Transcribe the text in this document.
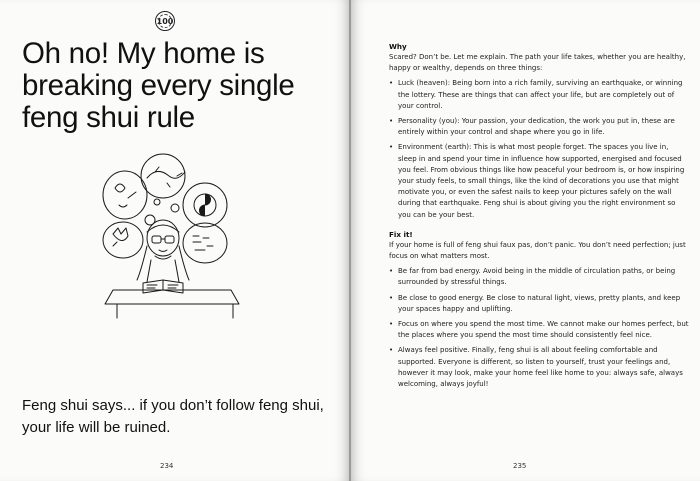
100
Oh no! My home is breaking every single feng shui rule

Feng shui says... if you don’t follow feng shui, your life will be ruined.

234
Why

Scared? Don’t be. Let me explain. The path your life takes, whether you are healthy, happy or wealthy, depends on three things:

• Luck (heaven): Being born into a rich family, surviving an earthquake, or winning the lottery. These are things that can affect your life, but are completely out of your control.
• Personality (you): Your passion, your dedication, the work you put in, these are entirely within your control and shape where you go in life.
• Environment (earth): This is what most people forget. The spaces you live in, sleep in and spend your time in influence how supported, energised and focused you feel. From obvious things like how peaceful your bedroom is, or how inspiring your study feels, to small things, like the kind of decorations you use that might motivate you, or even the safest nails to keep your pictures safely on the wall during that earthquake. Feng shui is about giving you the right environment so you can be your best.
Fix it!

If your home is full of feng shui faux pas, don’t panic. You don’t need perfection; just focus on what matters most.

• Be far from bad energy. Avoid being in the middle of circulation paths, or being surrounded by stressful things.
• Be close to good energy. Be close to natural light, views, pretty plants, and keep your spaces happy and uplifting.
• Focus on where you spend the most time. We cannot make our homes perfect, but the places where you spend the most time should consistently feel nice.
• Always feel positive. Finally, feng shui is all about feeling comfortable and supported. Everyone is different, so listen to yourself, trust your feelings and, however it may look, make your home feel like home to you: always safe, always welcoming, always joyful!
235
